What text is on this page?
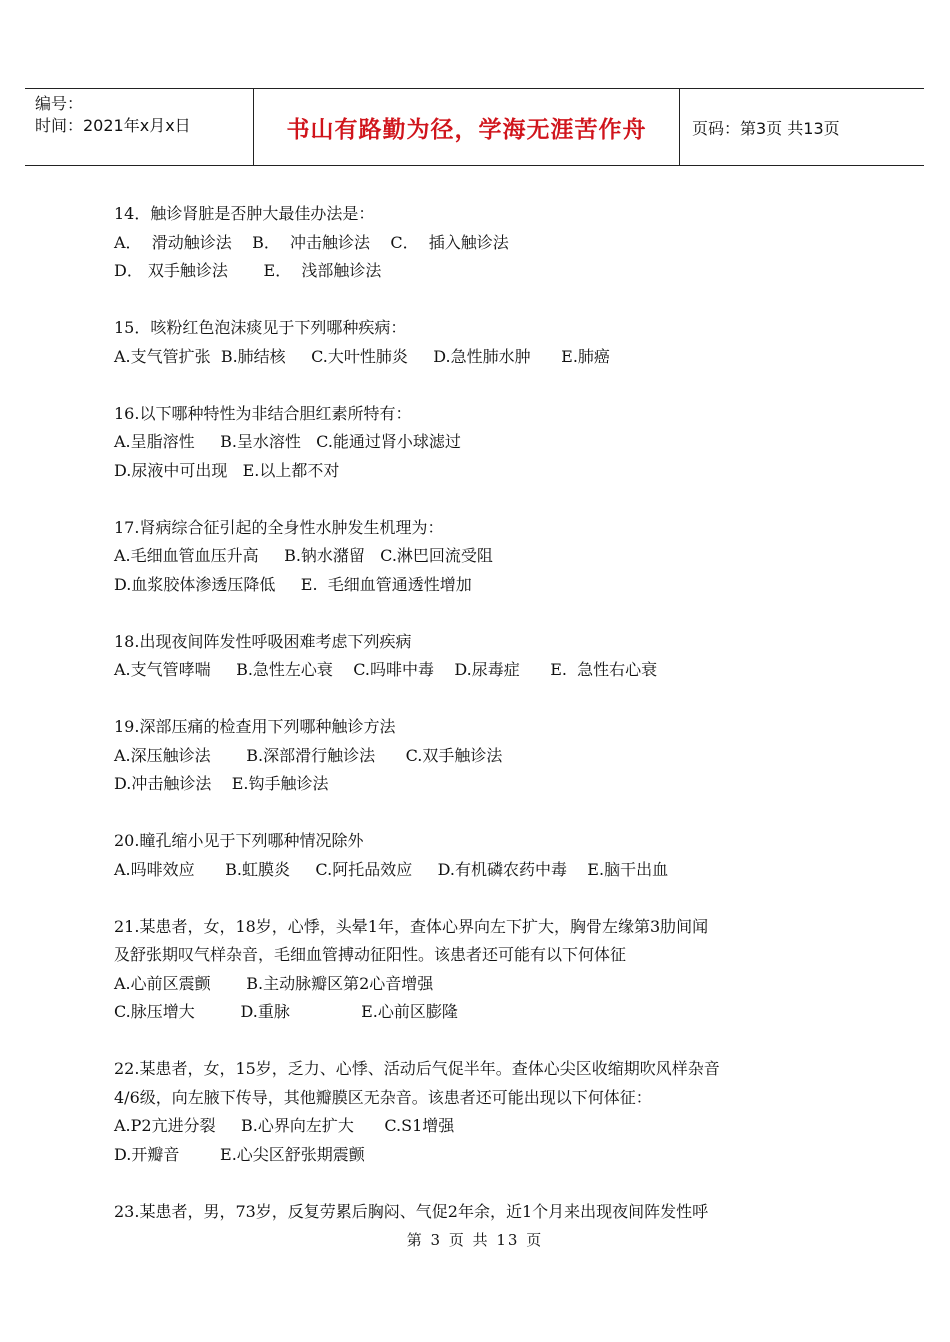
编号：
时间：2021年x月x日	书山有路勤为径，学海无涯苦作舟	页码：第3页 共13页
14．触诊肾脏是否肿大最佳办法是：
A．  滑动触诊法    B．  冲击触诊法    C．  插入触诊法
D． 双手触诊法       E．  浅部触诊法
15．咳粉红色泡沫痰见于下列哪种疾病：
A.支气管扩张  B.肺结核     C.大叶性肺炎     D.急性肺水肿      E.肺癌
16.以下哪种特性为非结合胆红素所特有：
A.呈脂溶性     B.呈水溶性   C.能通过肾小球滤过
D.尿液中可出现   E.以上都不对
17.肾病综合征引起的全身性水肿发生机理为：
A.毛细血管血压升高     B.钠水潴留   C.淋巴回流受阻
D.血浆胶体渗透压降低     E.  毛细血管通透性增加
18.出现夜间阵发性呼吸困难考虑下列疾病
A.支气管哮喘     B.急性左心衰    C.吗啡中毒    D.尿毒症      E.  急性右心衰
19.深部压痛的检查用下列哪种触诊方法
A.深压触诊法       B.深部滑行触诊法      C.双手触诊法
D.冲击触诊法    E.钩手触诊法
20.瞳孔缩小见于下列哪种情况除外
A.吗啡效应      B.虹膜炎     C.阿托品效应     D.有机磷农药中毒    E.脑干出血
21.某患者，女，18岁，心悸，头晕1年，查体心界向左下扩大，胸骨左缘第3肋间闻
及舒张期叹气样杂音，毛细血管搏动征阳性。该患者还可能有以下何体征
A.心前区震颤       B.主动脉瓣区第2心音增强
C.脉压增大         D.重脉              E.心前区膨隆
22.某患者，女，15岁，乏力、心悸、活动后气促半年。查体心尖区收缩期吹风样杂音
4/6级，向左腋下传导，其他瓣膜区无杂音。该患者还可能出现以下何体征：
A.P2亢进分裂     B.心界向左扩大      C.S1增强
D.开瓣音        E.心尖区舒张期震颤
23.某患者，男，73岁，反复劳累后胸闷、气促2年余，近1个月来出现夜间阵发性呼
第 3 页 共 13 页
